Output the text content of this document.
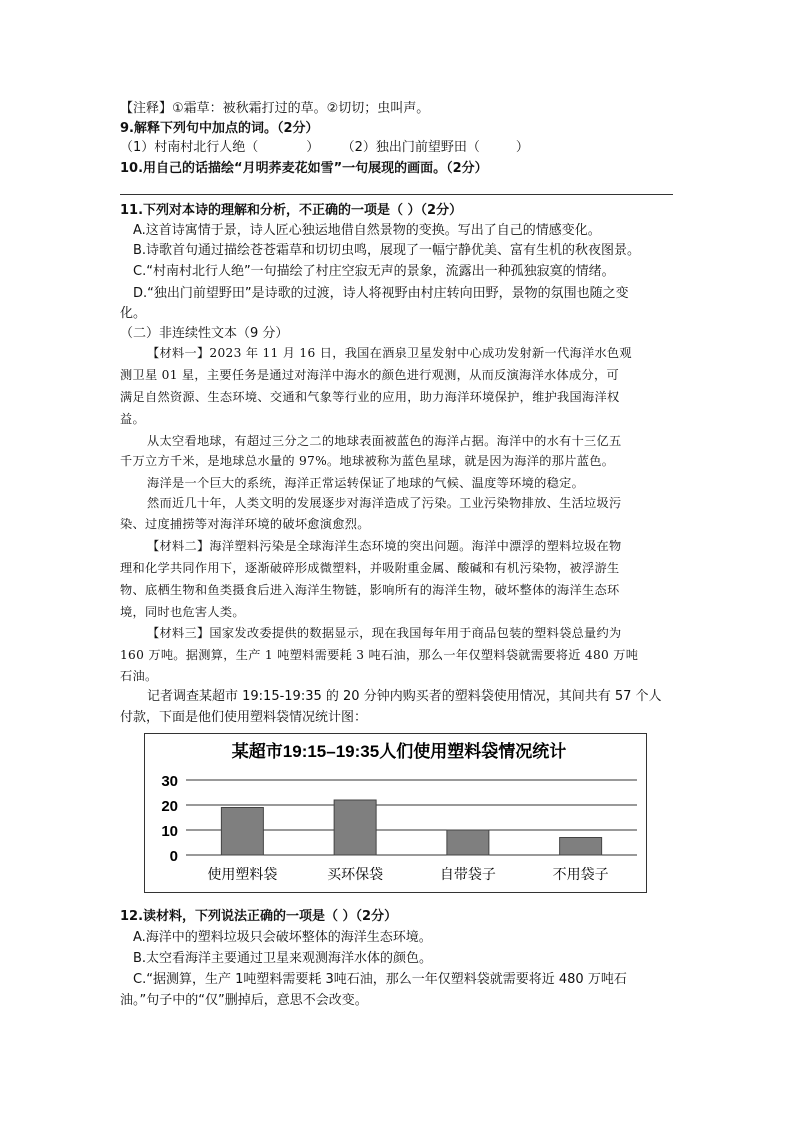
【注释】①霜草：被秋霜打过的草。②切切；虫叫声。
9.解释下列句中加点的词。（2分）
（1）村南村北行人绝（	） （2）独出门前望野田（	）
10.用自己的话描绘“月明荞麦花如雪”一句展现的画面。（2分）
11.下列对本诗的理解和分析，不正确的一项是（ ）（2分）
A.这首诗寓情于景，诗人匠心独运地借自然景物的变换。写出了自己的情感变化。
B.诗歌首句通过描绘苍苍霜草和切切虫鸣，展现了一幅宁静优美、富有生机的秋夜图景。
C.“村南村北行人绝”一句描绘了村庄空寂无声的景象，流露出一种孤独寂寞的情绪。
D.“独出门前望野田”是诗歌的过渡，诗人将视野由村庄转向田野，景物的氛围也随之变
化。
（二）非连续性文本（9 分）
【材料一】2023 年 11 月 16 日，我国在酒泉卫星发射中心成功发射新一代海洋水色观
测卫星 01 星，主要任务是通过对海洋中海水的颜色进行观测，从而反演海洋水体成分，可
满足自然资源、生态环境、交通和气象等行业的应用，助力海洋环境保护，维护我国海洋权
益。
从太空看地球，有超过三分之二的地球表面被蓝色的海洋占据。海洋中的水有十三亿五
千万立方千米，是地球总水量的 97%。地球被称为蓝色星球，就是因为海洋的那片蓝色。
海洋是一个巨大的系统，海洋正常运转保证了地球的气候、温度等环境的稳定。
然而近几十年，人类文明的发展逐步对海洋造成了污染。工业污染物排放、生活垃圾污
染、过度捕捞等对海洋环境的破坏愈演愈烈。
【材料二】海洋塑料污染是全球海洋生态环境的突出问题。海洋中漂浮的塑料垃圾在物
理和化学共同作用下，逐渐破碎形成微塑料，并吸附重金属、酸碱和有机污染物，被浮游生
物、底栖生物和鱼类摄食后进入海洋生物链，影响所有的海洋生物，破坏整体的海洋生态环
境，同时也危害人类。
【材料三】国家发改委提供的数据显示，现在我国每年用于商品包装的塑料袋总量约为
160 万吨。据测算，生产 1 吨塑料需要耗 3 吨石油，那么一年仅塑料袋就需要将近 480 万吨
石油。
记者调查某超市 19:15-19:35 的 20 分钟内购买者的塑料袋使用情况，其间共有 57 个人
付款，下面是他们使用塑料袋情况统计图：
某超市19:15–19:35人们使用塑料袋情况统计
0
10
20
30
使用塑料袋	买环保袋	自带袋子	不用袋子
12.读材料，下列说法正确的一项是（ ）（2分）
A.海洋中的塑料垃圾只会破坏整体的海洋生态环境。
B.太空看海洋主要通过卫星来观测海洋水体的颜色。
C.“据测算，生产 1吨塑料需要耗 3吨石油，那么一年仅塑料袋就需要将近 480 万吨石
油。”句子中的“仅”删掉后，意思不会改变。
